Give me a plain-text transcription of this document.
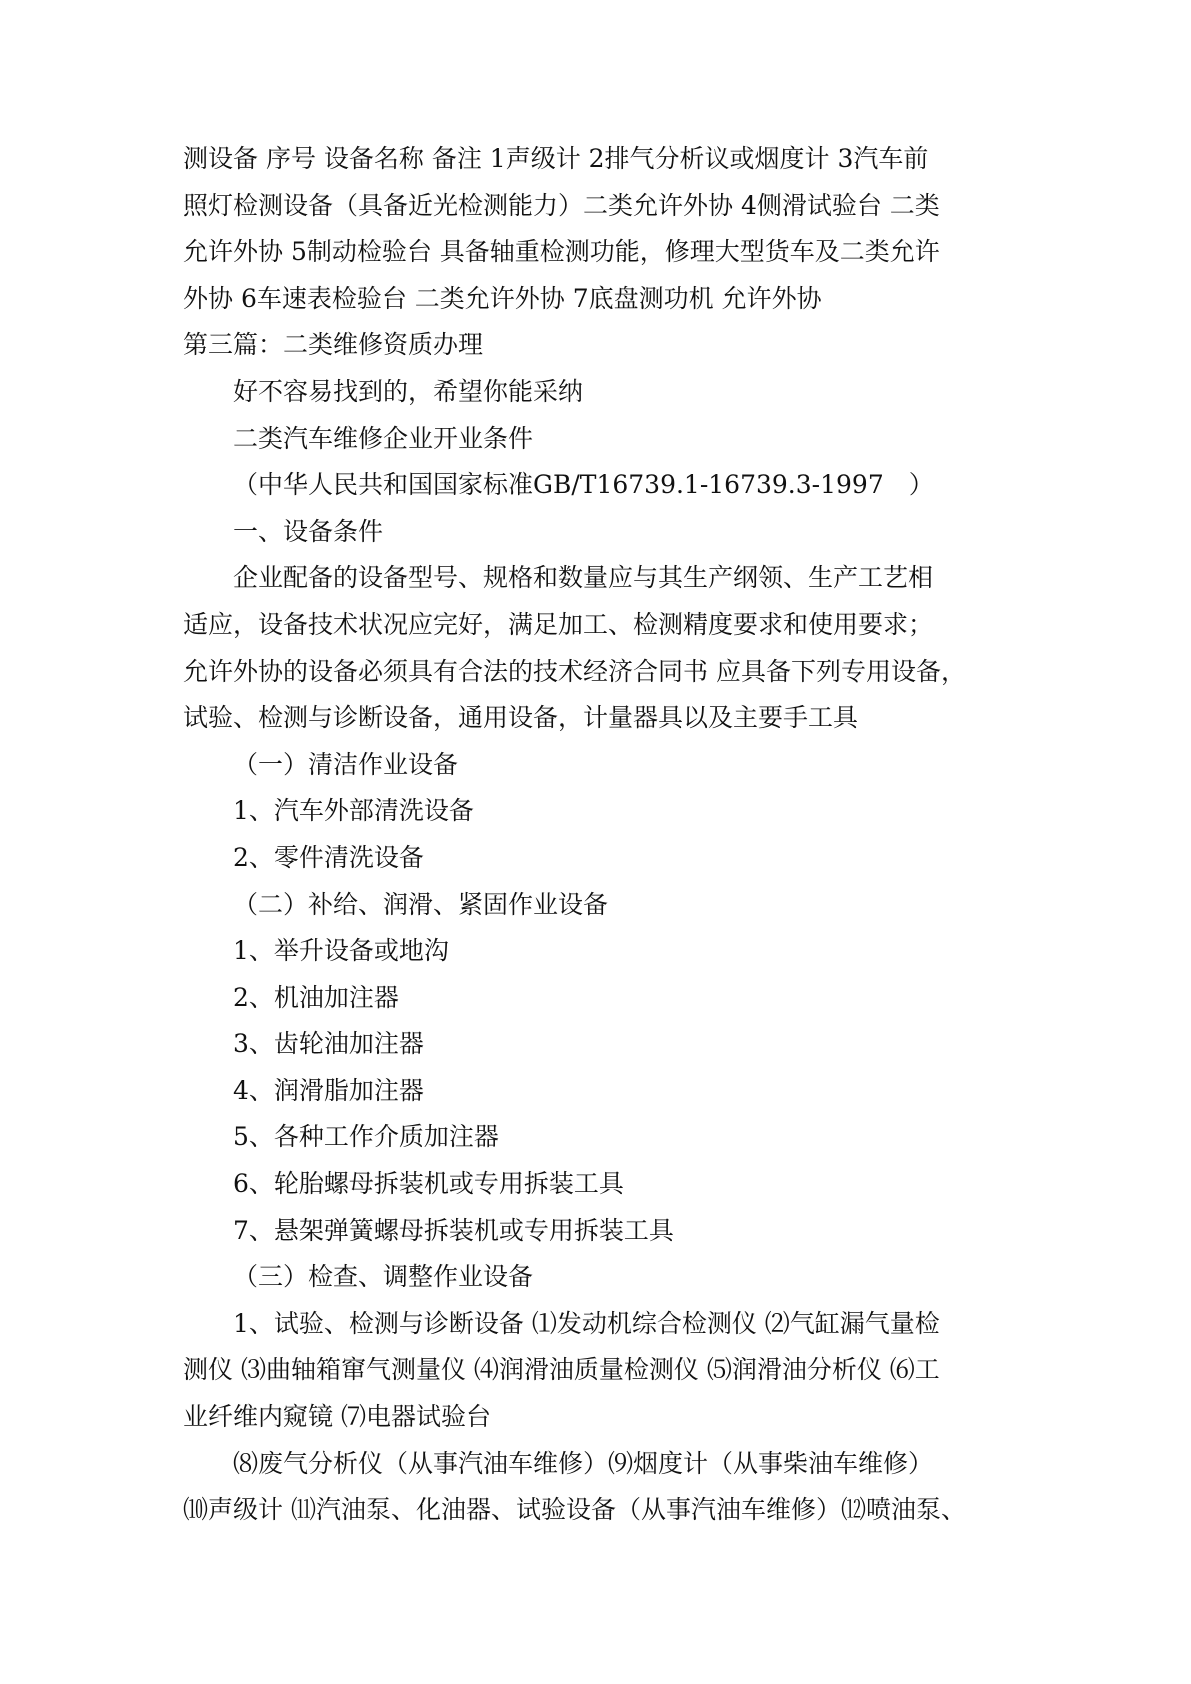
测设备 序号 设备名称 备注 1声级计 2排气分析议或烟度计 3汽车前
照灯检测设备（具备近光检测能力）二类允许外协 4侧滑试验台 二类
允许外协 5制动检验台 具备轴重检测功能，修理大型货车及二类允许
外协 6车速表检验台 二类允许外协 7底盘测功机 允许外协
第三篇：二类维修资质办理
好不容易找到的，希望你能采纳
二类汽车维修企业开业条件
（中华人民共和国国家标准GB/T16739.1-16739.3-1997　）
一、设备条件
企业配备的设备型号、规格和数量应与其生产纲领、生产工艺相
适应，设备技术状况应完好，满足加工、检测精度要求和使用要求；
允许外协的设备必须具有合法的技术经济合同书 应具备下列专用设备，
试验、检测与诊断设备，通用设备，计量器具以及主要手工具
（一）清洁作业设备
1、汽车外部清洗设备
2、零件清洗设备
（二）补给、润滑、紧固作业设备
1、举升设备或地沟
2、机油加注器
3、齿轮油加注器
4、润滑脂加注器
5、各种工作介质加注器
6、轮胎螺母拆装机或专用拆装工具
7、悬架弹簧螺母拆装机或专用拆装工具
（三）检查、调整作业设备
1、试验、检测与诊断设备 ⑴发动机综合检测仪 ⑵气缸漏气量检
测仪 ⑶曲轴箱窜气测量仪 ⑷润滑油质量检测仪 ⑸润滑油分析仪 ⑹工
业纤维内窥镜 ⑺电器试验台
⑻废气分析仪（从事汽油车维修）⑼烟度计（从事柴油车维修）
⑽声级计 ⑾汽油泵、化油器、试验设备（从事汽油车维修）⑿喷油泵、
